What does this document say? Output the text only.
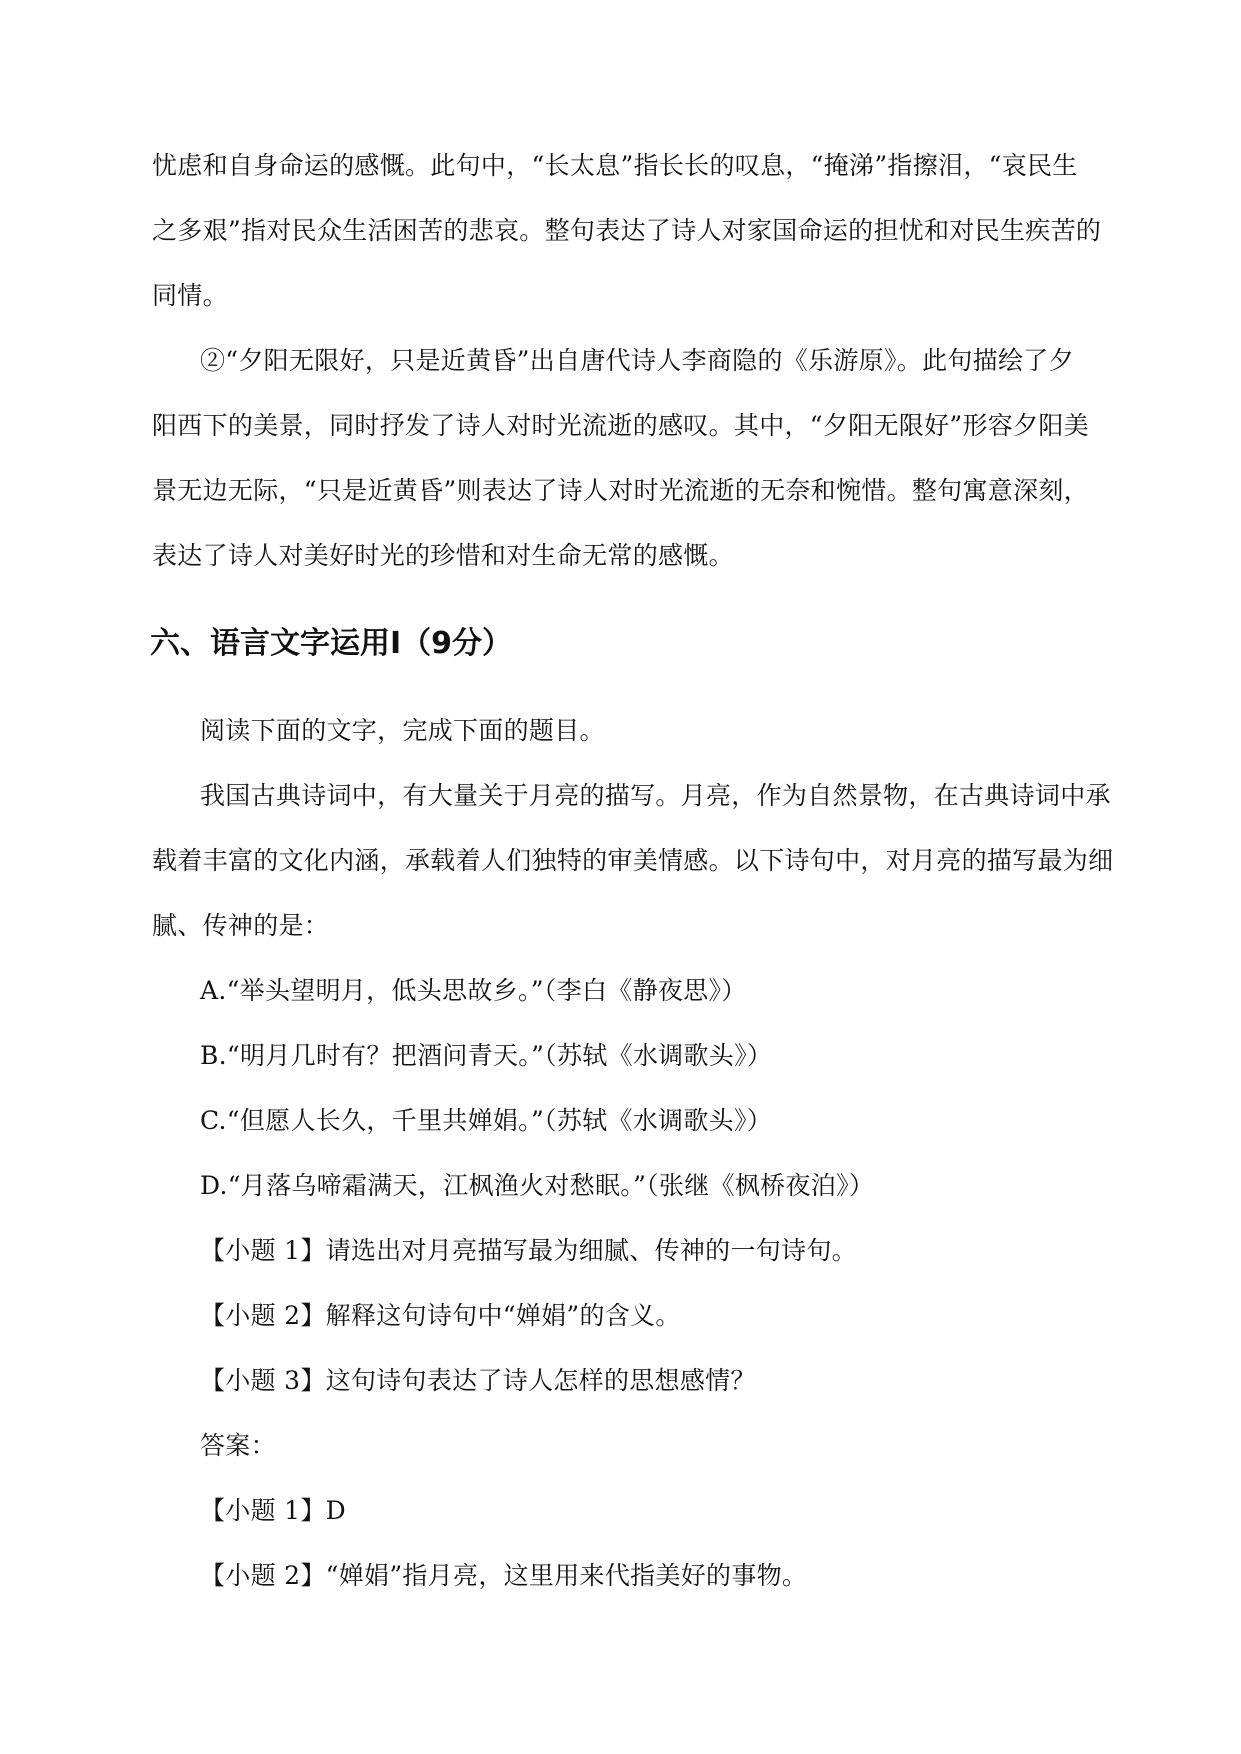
忧虑和自身命运的感慨。此句中，“长太息”指长长的叹息，“掩涕”指擦泪，“哀民生
之多艰”指对民众生活困苦的悲哀。整句表达了诗人对家国命运的担忧和对民生疾苦的
同情。
②“夕阳无限好，只是近黄昏”出自唐代诗人李商隐的《乐游原》。此句描绘了夕
阳西下的美景，同时抒发了诗人对时光流逝的感叹。其中，“夕阳无限好”形容夕阳美
景无边无际，“只是近黄昏”则表达了诗人对时光流逝的无奈和惋惜。整句寓意深刻，
表达了诗人对美好时光的珍惜和对生命无常的感慨。
六、语言文字运用Ⅰ（9分）
阅读下面的文字，完成下面的题目。
我国古典诗词中，有大量关于月亮的描写。月亮，作为自然景物，在古典诗词中承
载着丰富的文化内涵，承载着人们独特的审美情感。以下诗句中，对月亮的描写最为细
腻、传神的是：
A.“举头望明月，低头思故乡。”（李白《静夜思》）
B.“明月几时有？把酒问青天。”（苏轼《水调歌头》）
C.“但愿人长久，千里共婵娟。”（苏轼《水调歌头》）
D.“月落乌啼霜满天，江枫渔火对愁眠。”（张继《枫桥夜泊》）
【小题 1】请选出对月亮描写最为细腻、传神的一句诗句。
【小题 2】解释这句诗句中“婵娟”的含义。
【小题 3】这句诗句表达了诗人怎样的思想感情？
答案：
【小题 1】D
【小题 2】“婵娟”指月亮，这里用来代指美好的事物。
